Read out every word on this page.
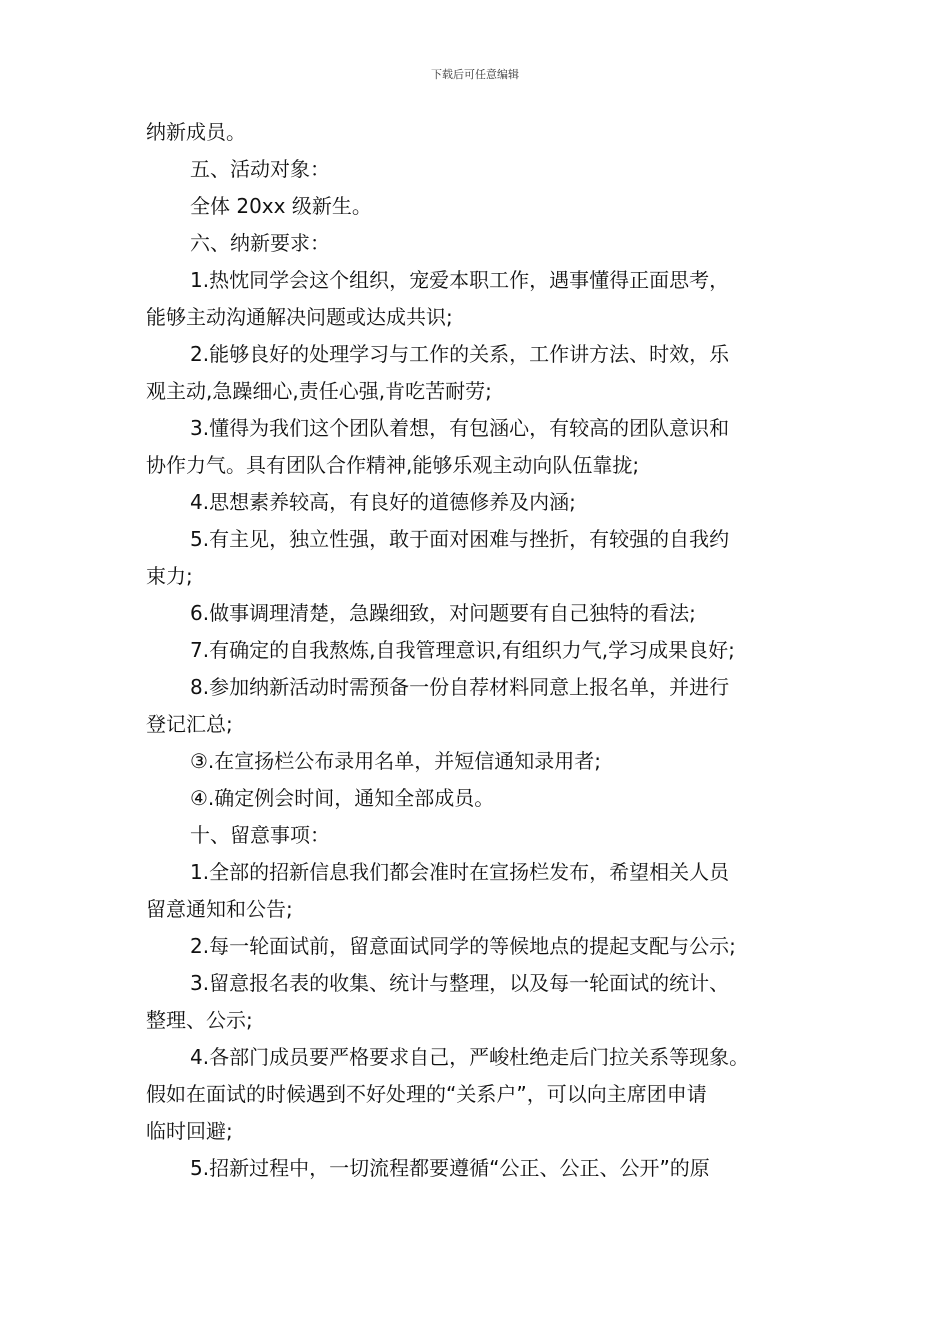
下载后可任意编辑

纳新成员。

五、活动对象：

全体 20xx 级新生。

六、纳新要求：

1.热忱同学会这个组织，宠爱本职工作，遇事懂得正面思考，

能够主动沟通解决问题或达成共识;

2.能够良好的处理学习与工作的关系，工作讲方法、时效，乐

观主动,急躁细心,责任心强,肯吃苦耐劳;

3.懂得为我们这个团队着想，有包涵心，有较高的团队意识和

协作力气。具有团队合作精神,能够乐观主动向队伍靠拢;

4.思想素养较高，有良好的道德修养及内涵;

5.有主见，独立性强，敢于面对困难与挫折，有较强的自我约

束力;

6.做事调理清楚，急躁细致，对问题要有自己独特的看法;

7.有确定的自我熬炼,自我管理意识,有组织力气,学习成果良好;

8.参加纳新活动时需预备一份自荐材料同意上报名单，并进行

登记汇总;

③.在宣扬栏公布录用名单，并短信通知录用者;

④.确定例会时间，通知全部成员。

十、留意事项：

1.全部的招新信息我们都会准时在宣扬栏发布，希望相关人员

留意通知和公告;

2.每一轮面试前，留意面试同学的等候地点的提起支配与公示;

3.留意报名表的收集、统计与整理，以及每一轮面试的统计、

整理、公示;

4.各部门成员要严格要求自己，严峻杜绝走后门拉关系等现象。

假如在面试的时候遇到不好处理的“关系户”，可以向主席团申请

临时回避;

5.招新过程中，一切流程都要遵循“公正、公正、公开”的原
